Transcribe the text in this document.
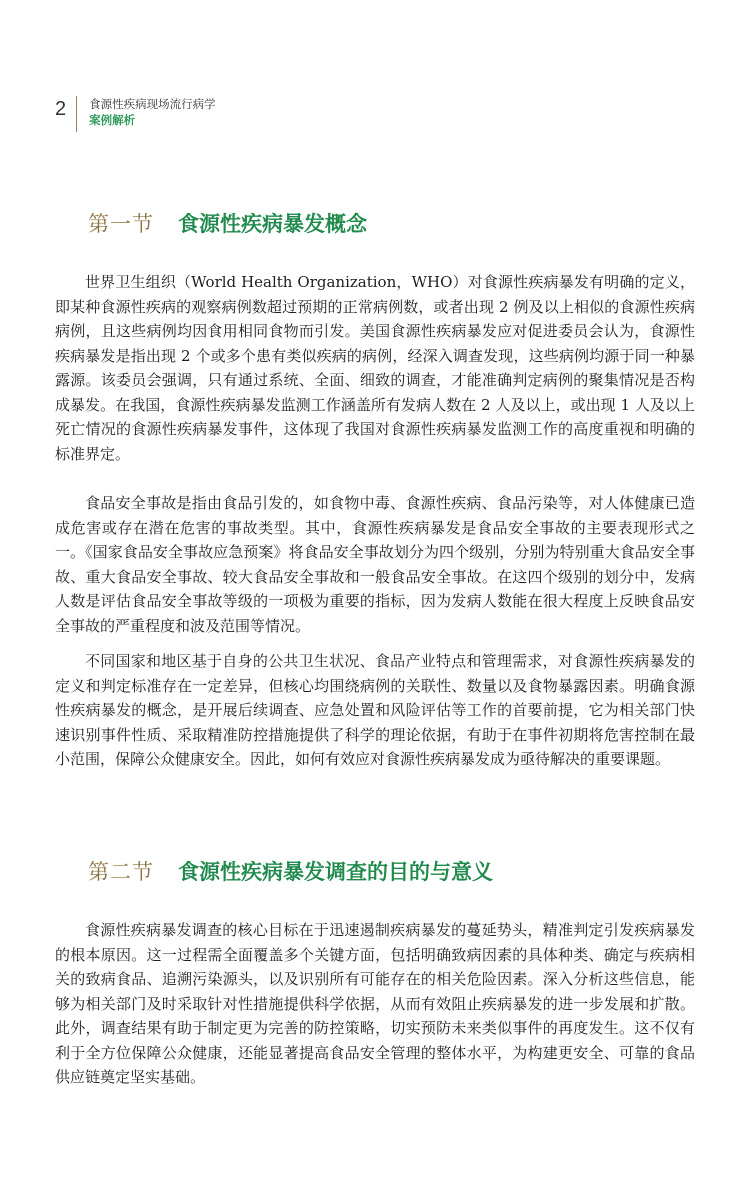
2 食源性疾病现场流行病学
案例解析
第一节 食源性疾病暴发概念

世界卫生组织（World Health Organization，WHO）对食源性疾病暴发有明确的定义，即某种食源性疾病的观察病例数超过预期的正常病例数，或者出现 2 例及以上相似的食源性疾病病例，且这些病例均因食用相同食物而引发。美国食源性疾病暴发应对促进委员会认为，食源性疾病暴发是指出现 2 个或多个患有类似疾病的病例，经深入调查发现，这些病例均源于同一种暴露源。该委员会强调，只有通过系统、全面、细致的调查，才能准确判定病例的聚集情况是否构成暴发。在我国，食源性疾病暴发监测工作涵盖所有发病人数在 2 人及以上，或出现 1 人及以上死亡情况的食源性疾病暴发事件，这体现了我国对食源性疾病暴发监测工作的高度重视和明确的标准界定。

食品安全事故是指由食品引发的，如食物中毒、食源性疾病、食品污染等，对人体健康已造成危害或存在潜在危害的事故类型。其中，食源性疾病暴发是食品安全事故的主要表现形式之一。《国家食品安全事故应急预案》将食品安全事故划分为四个级别，分别为特别重大食品安全事故、重大食品安全事故、较大食品安全事故和一般食品安全事故。在这四个级别的划分中，发病人数是评估食品安全事故等级的一项极为重要的指标，因为发病人数能在很大程度上反映食品安全事故的严重程度和波及范围等情况。

不同国家和地区基于自身的公共卫生状况、食品产业特点和管理需求，对食源性疾病暴发的定义和判定标准存在一定差异，但核心均围绕病例的关联性、数量以及食物暴露因素。明确食源性疾病暴发的概念，是开展后续调查、应急处置和风险评估等工作的首要前提，它为相关部门快速识别事件性质、采取精准防控措施提供了科学的理论依据，有助于在事件初期将危害控制在最小范围，保障公众健康安全。因此，如何有效应对食源性疾病暴发成为亟待解决的重要课题。

第二节 食源性疾病暴发调查的目的与意义

食源性疾病暴发调查的核心目标在于迅速遏制疾病暴发的蔓延势头，精准判定引发疾病暴发的根本原因。这一过程需全面覆盖多个关键方面，包括明确致病因素的具体种类、确定与疾病相关的致病食品、追溯污染源头，以及识别所有可能存在的相关危险因素。深入分析这些信息，能够为相关部门及时采取针对性措施提供科学依据，从而有效阻止疾病暴发的进一步发展和扩散。此外，调查结果有助于制定更为完善的防控策略，切实预防未来类似事件的再度发生。这不仅有利于全方位保障公众健康，还能显著提高食品安全管理的整体水平，为构建更安全、可靠的食品供应链奠定坚实基础。
